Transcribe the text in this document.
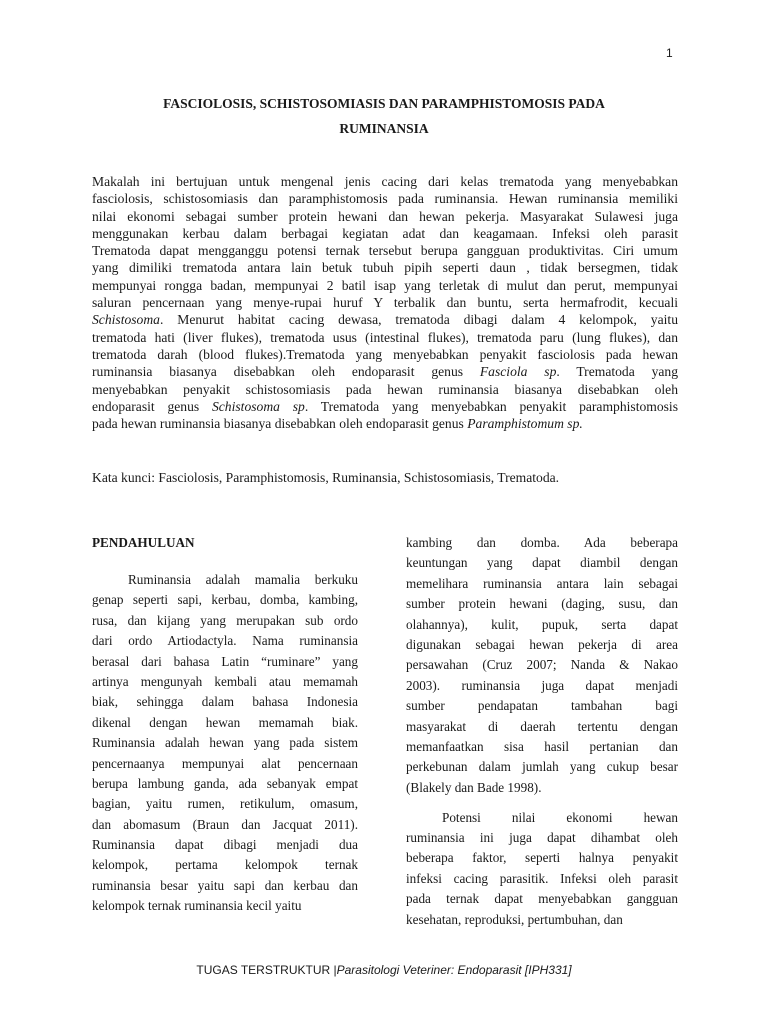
1
FASCIOLOSIS, SCHISTOSOMIASIS DAN PARAMPHISTOMOSIS PADA
RUMINANSIA
Makalah ini bertujuan untuk mengenal jenis cacing dari kelas trematoda yang menyebabkan
fasciolosis, schistosomiasis dan paramphistomosis pada ruminansia. Hewan ruminansia memiliki
nilai ekonomi sebagai sumber protein hewani dan hewan pekerja. Masyarakat Sulawesi juga
menggunakan kerbau dalam berbagai kegiatan adat dan keagamaan. Infeksi oleh parasit
Trematoda dapat mengganggu potensi ternak tersebut berupa gangguan produktivitas. Ciri umum
yang dimiliki trematoda antara lain betuk tubuh pipih seperti daun , tidak bersegmen, tidak
mempunyai rongga badan, mempunyai 2 batil isap yang terletak di mulut dan perut, mempunyai
saluran pencernaan yang menye-rupai huruf Y terbalik dan buntu, serta hermafrodit, kecuali
Schistosoma. Menurut habitat cacing dewasa, trematoda dibagi dalam 4 kelompok, yaitu
trematoda hati (liver flukes), trematoda usus (intestinal flukes), trematoda paru (lung flukes), dan
trematoda darah (blood flukes).Trematoda yang menyebabkan penyakit fasciolosis pada hewan
ruminansia biasanya disebabkan oleh endoparasit genus Fasciola sp. Trematoda yang
menyebabkan penyakit schistosomiasis pada hewan ruminansia biasanya disebabkan oleh
endoparasit genus Schistosoma sp. Trematoda yang menyebabkan penyakit paramphistomosis
pada hewan ruminansia biasanya disebabkan oleh endoparasit genus Paramphistomum sp.
Kata kunci: Fasciolosis, Paramphistomosis, Ruminansia, Schistosomiasis, Trematoda.
PENDAHULUAN
Ruminansia adalah mamalia berkuku
genap seperti sapi, kerbau, domba, kambing,
rusa, dan kijang yang merupakan sub ordo
dari ordo Artiodactyla. Nama ruminansia
berasal dari bahasa Latin “ruminare” yang
artinya mengunyah kembali atau memamah
biak, sehingga dalam bahasa Indonesia
dikenal dengan hewan memamah biak.
Ruminansia adalah hewan yang pada sistem
pencernaanya mempunyai alat pencernaan
berupa lambung ganda, ada sebanyak empat
bagian, yaitu rumen, retikulum, omasum,
dan abomasum (Braun dan Jacquat 2011).
Ruminansia dapat dibagi menjadi dua
kelompok, pertama kelompok ternak
ruminansia besar yaitu sapi dan kerbau dan
kelompok ternak ruminansia kecil yaitu
kambing dan domba. Ada beberapa
keuntungan yang dapat diambil dengan
memelihara ruminansia antara lain sebagai
sumber protein hewani (daging, susu, dan
olahannya), kulit, pupuk, serta dapat
digunakan sebagai hewan pekerja di area
persawahan (Cruz 2007; Nanda & Nakao
2003). ruminansia juga dapat menjadi
sumber pendapatan tambahan bagi
masyarakat di daerah tertentu dengan
memanfaatkan sisa hasil pertanian dan
perkebunan dalam jumlah yang cukup besar
(Blakely dan Bade 1998).
Potensi nilai ekonomi hewan
ruminansia ini juga dapat dihambat oleh
beberapa faktor, seperti halnya penyakit
infeksi cacing parasitik. Infeksi oleh parasit
pada ternak dapat menyebabkan gangguan
kesehatan, reproduksi, pertumbuhan, dan
TUGAS TERSTRUKTUR |Parasitologi Veteriner: Endoparasit [IPH331]
